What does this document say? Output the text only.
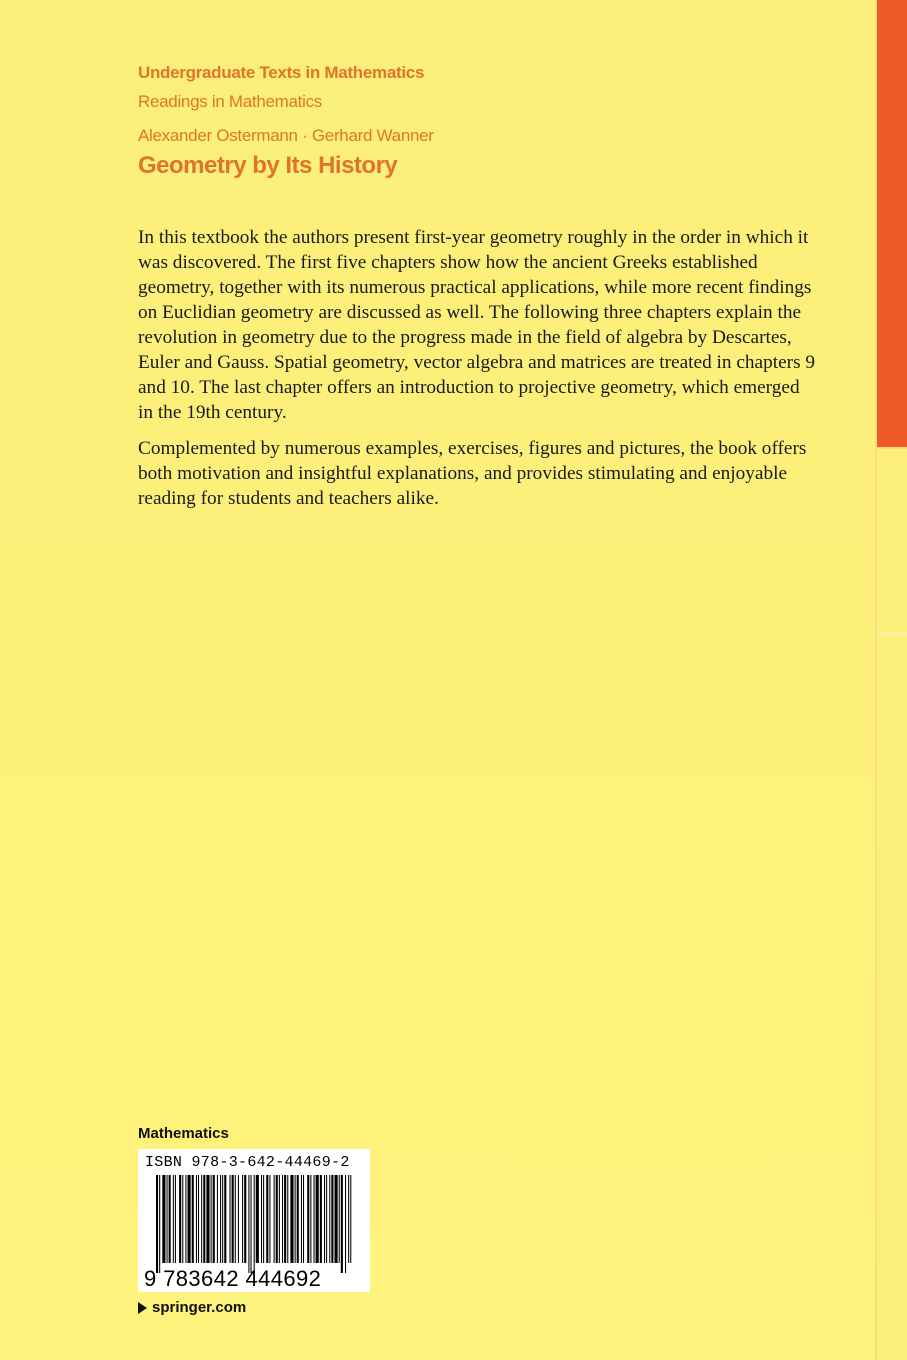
Undergraduate Texts in Mathematics
Readings in Mathematics
Alexander Ostermann · Gerhard Wanner
Geometry by Its History

In this textbook the authors present first-year geometry roughly in the order in which it was discovered. The first five chapters show how the ancient Greeks established geometry, together with its numerous practical applications, while more recent findings on Euclidian geometry are discussed as well. The following three chapters explain the revolution in geometry due to the progress made in the field of algebra by Descartes, Euler and Gauss. Spatial geometry, vector algebra and matrices are treated in chapters 9 and 10. The last chapter offers an introduction to projective geometry, which emerged in the 19th century.

Complemented by numerous examples, exercises, figures and pictures, the book offers both motivation and insightful explanations, and provides stimulating and enjoyable reading for students and teachers alike.

Mathematics
ISBN 978-3-642-44469-2
9 783642 444692
springer.com
